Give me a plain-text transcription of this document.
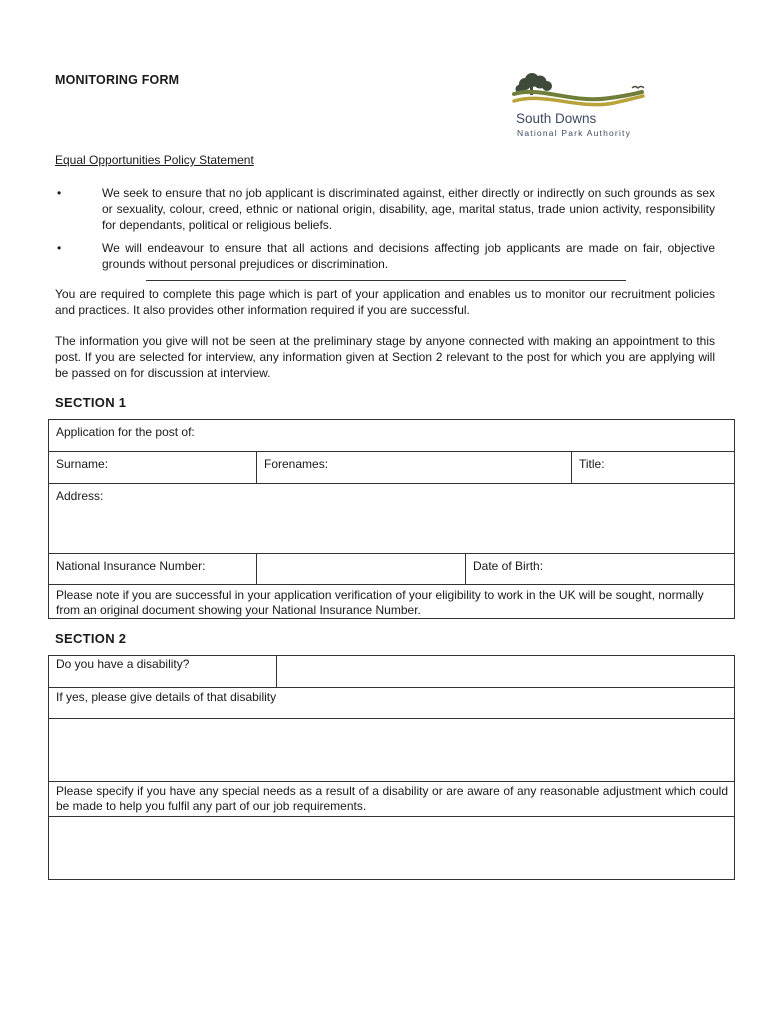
MONITORING FORM
South Downs
National Park Authority
Equal Opportunities Policy Statement
•	We seek to ensure that no job applicant is discriminated against, either directly or indirectly on such grounds as sex or sexuality, colour, creed, ethnic or national origin, disability, age, marital status, trade union activity, responsibility for dependants, political or religious beliefs.
•	We will endeavour to ensure that all actions and decisions affecting job applicants are made on fair, objective grounds without personal prejudices or discrimination.
You are required to complete this page which is part of your application and enables us to monitor our recruitment policies and practices. It also provides other information required if you are successful.
The information you give will not be seen at the preliminary stage by anyone connected with making an appointment to this post. If you are selected for interview, any information given at Section 2 relevant to the post for which you are applying will be passed on for discussion at interview.
SECTION 1
Application for the post of:			
Surname:	Forenames:		Title:
Address:			
National Insurance Number:		Date of Birth:	
Please note if you are successful in your application verification of your eligibility to work in the UK will be sought, normally from an original document showing your National Insurance Number.			
SECTION 2
Do you have a disability?	
If yes, please give details of that disability

Please specify if you have any special needs as a result of a disability or are aware of any reasonable adjustment which could be made to help you fulfil any part of our job requirements.
